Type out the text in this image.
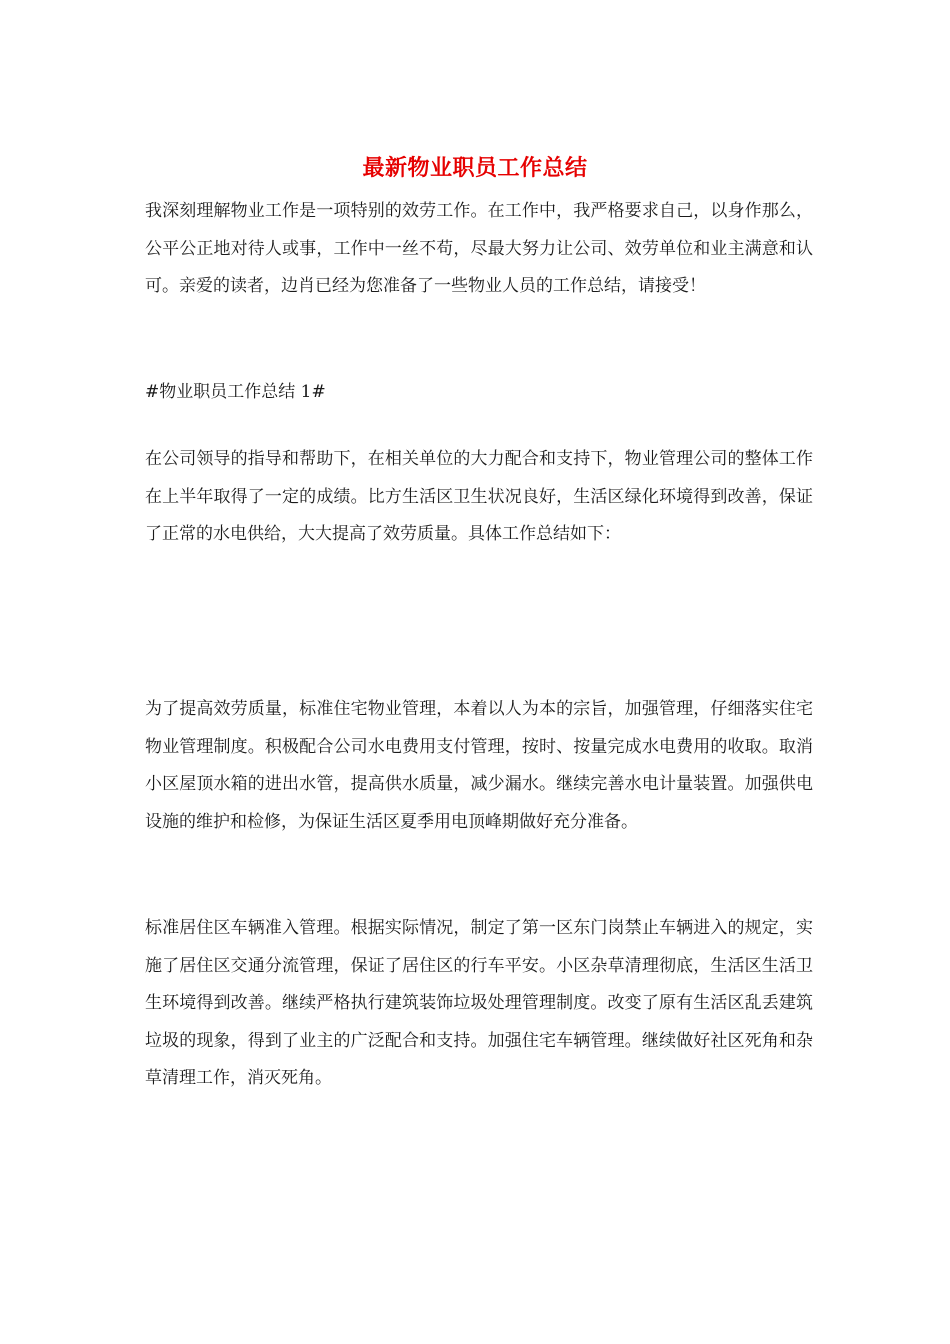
最新物业职员工作总结

我深刻理解物业工作是一项特别的效劳工作。在工作中，我严格要求自己，以身作那么，公平公正地对待人或事，工作中一丝不苟，尽最大努力让公司、效劳单位和业主满意和认可。亲爱的读者，边肖已经为您准备了一些物业人员的工作总结，请接受！

#物业职员工作总结 1#

在公司领导的指导和帮助下，在相关单位的大力配合和支持下，物业管理公司的整体工作在上半年取得了一定的成绩。比方生活区卫生状况良好，生活区绿化环境得到改善，保证了正常的水电供给，大大提高了效劳质量。具体工作总结如下：

为了提高效劳质量，标准住宅物业管理，本着以人为本的宗旨，加强管理，仔细落实住宅物业管理制度。积极配合公司水电费用支付管理，按时、按量完成水电费用的收取。取消小区屋顶水箱的进出水管，提高供水质量，减少漏水。继续完善水电计量装置。加强供电设施的维护和检修，为保证生活区夏季用电顶峰期做好充分准备。

标准居住区车辆准入管理。根据实际情况，制定了第一区东门岗禁止车辆进入的规定，实施了居住区交通分流管理，保证了居住区的行车平安。小区杂草清理彻底，生活区生活卫生环境得到改善。继续严格执行建筑装饰垃圾处理管理制度。改变了原有生活区乱丢建筑垃圾的现象，得到了业主的广泛配合和支持。加强住宅车辆管理。继续做好社区死角和杂草清理工作，消灭死角。
